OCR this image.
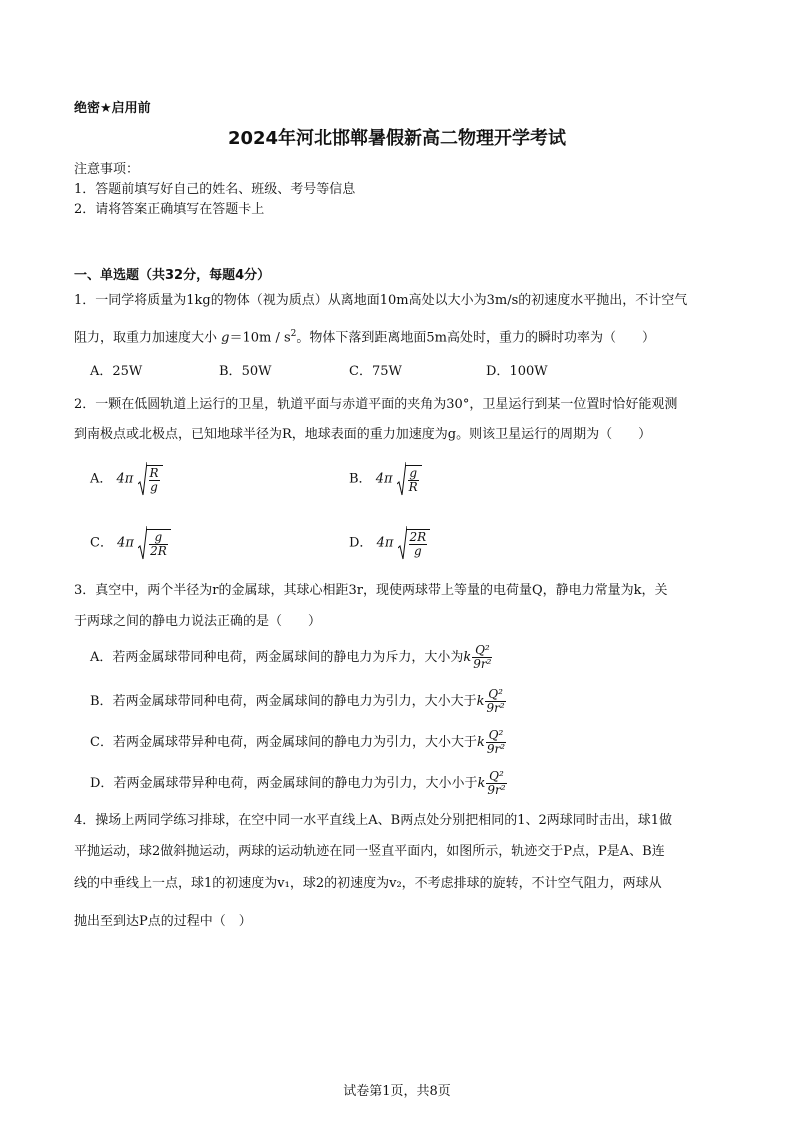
绝密★启用前
2024年河北邯郸暑假新高二物理开学考试
注意事项：
1．答题前填写好自己的姓名、班级、考号等信息
2．请将答案正确填写在答题卡上
一、单选题（共32分，每题4分）
1．一同学将质量为1kg的物体（视为质点）从离地面10m高处以大小为3m/s的初速度水平抛出，不计空气
阻力，取重力加速度大小 $g=10m / s^2$。物体下落到距离地面5m高处时，重力的瞬时功率为（　　）
A．25W	B．50W	C．75W	D．100W
2．一颗在低圆轨道上运行的卫星，轨道平面与赤道平面的夹角为30°，卫星运行到某一位置时恰好能观测
到南极点或北极点，已知地球半径为R，地球表面的重力加速度为g。则该卫星运行的周期为（　　）
A． $4\pi \frac{R}{g}$	B． $4\pi \frac{g}{R}$
C． $4\pi \frac{g}{2R}$	D． $4\pi \frac{2R}{g}$
3．真空中，两个半径为r的金属球，其球心相距3r，现使两球带上等量的电荷量Q，静电力常量为k，关
于两球之间的静电力说法正确的是（　　）
A．若两金属球带同种电荷，两金属球间的静电力为斥力，大小为k $\frac{\text{Q²}}{\text{9r²}}$
B．若两金属球带同种电荷，两金属球间的静电力为引力，大小大于k $\frac{\text{Q²}}{\text{9r²}}$
C．若两金属球带异种电荷，两金属球间的静电力为引力，大小大于k $\frac{\text{Q²}}{\text{9r²}}$
D．若两金属球带异种电荷，两金属球间的静电力为引力，大小小于k $\frac{\text{Q²}}{\text{9r²}}$
4．操场上两同学练习排球，在空中同一水平直线上A、B两点处分别把相同的1、2两球同时击出，球1做
平抛运动，球2做斜抛运动，两球的运动轨迹在同一竖直平面内，如图所示，轨迹交于P点，P是A、B连
线的中垂线上一点，球1的初速度为v₁，球2的初速度为v₂，不考虑排球的旋转，不计空气阻力，两球从
抛出至到达P点的过程中（　）
试卷第1页，共8页
